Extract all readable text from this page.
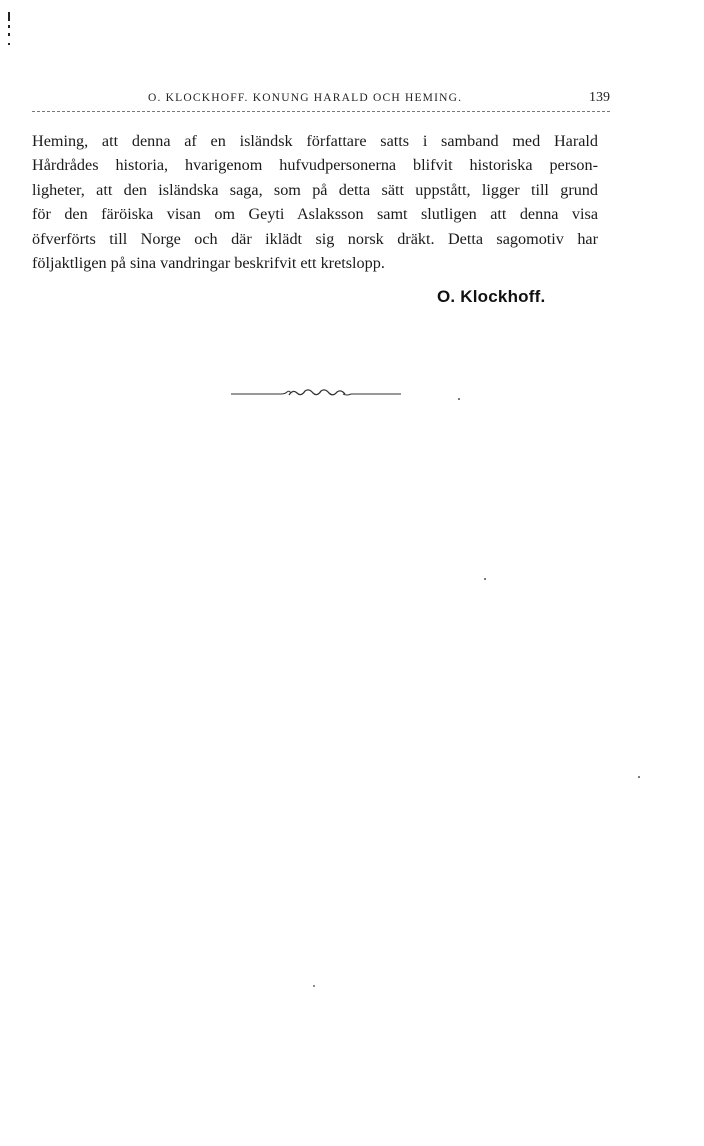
O. KLOCKHOFF. KONUNG HARALD OCH HEMING.	139
Heming, att denna af en isländsk författare satts i samband med Harald
Hårdrådes historia, hvarigenom hufvudpersonerna blifvit historiska person-
ligheter, att den isländska saga, som på detta sätt uppstått, ligger till grund
för den färöiska visan om Geyti Aslaksson samt slutligen att denna visa
öfverförts till Norge och där iklädt sig norsk dräkt. Detta sagomotiv har
följaktligen på sina vandringar beskrifvit ett kretslopp.
O. Klockhoff.
